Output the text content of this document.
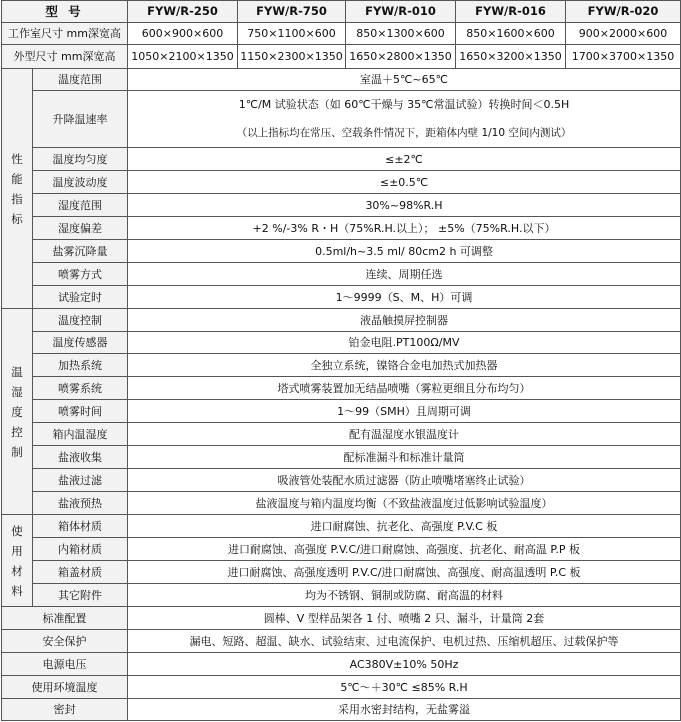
型 号		FYW/R-250	FYW/R-750	FYW/R-010	FYW/R-016	FYW/R-020
工作室尺寸 mm深宽高		600×900×600	750×1100×600	850×1300×600	850×1600×600	900×2000×600
外型尺寸 mm深宽高		1050×2100×1350	1150×2300×1350	1650×2800×1350	1650×3200×1350	1700×3700×1350

性
能
指
标	温度范围	室温＋5℃~65℃				
	升降温速率	1℃/M 试验状态（如 60℃干燥与 35℃常温试验）转换时间＜0.5H
（以上指标均在常压、空载条件情况下，距箱体内壁 1/10 空间内测试）				

	温度均匀度	≤±2℃				
	温度波动度	≤±0.5℃				
	湿度范围	30%~98%R.H				
	湿度偏差	+2 %/-3% R・H（75%R.H.以上）； ±5%（75%R.H.以下）				
	盐雾沉降量	0.5ml/h~3.5 ml/ 80cm2 h 可调整				
	喷雾方式	连续、周期任选				
	试验定时	1～9999（S、M、H）可调				

温
湿
度
控
制	温度控制	液晶触摸屏控制器				
	温度传感器	铂金电阻.PT100Ω/MV				
	加热系统	全独立系统，镍铬合金电加热式加热器				
	喷雾系统	塔式喷雾装置加无结晶喷嘴（雾粒更细且分布均匀）				
	喷雾时间	1～99（SMH）且周期可调				
	箱内温湿度	配有温湿度水银温度计				
	盐液收集	配标准漏斗和标准计量筒				
	盐液过滤	吸液管处装配水质过滤器（防止喷嘴堵塞终止试验）				
	盐液预热	盐液温度与箱内温度均衡（不致盐液温度过低影响试验温度）				

使
用
材
料	箱体材质	进口耐腐蚀、抗老化、高强度 P.V.C 板				
	内箱材质	进口耐腐蚀、高强度 P.V.C/进口耐腐蚀、高强度、抗老化、耐高温 P.P 板				
	箱盖材质	进口耐腐蚀、高强度透明 P.V.C/进口耐腐蚀、高强度、耐高温透明 P.C 板				
	其它附件	均为不锈钢、铜制或防腐、耐高温的材料				
标准配置		圆棒、V 型样品架各 1 付、喷嘴 2 只、漏斗，计量筒 2套				
安全保护		漏电、短路、超温、缺水、试验结束、过电流保护、电机过热、压缩机超压、过载保护等				
电源电压		AC380V±10% 50Hz				
使用环境温度		5℃～＋30℃ ≤85% R.H				
密封		采用水密封结构，无盐雾溢				
